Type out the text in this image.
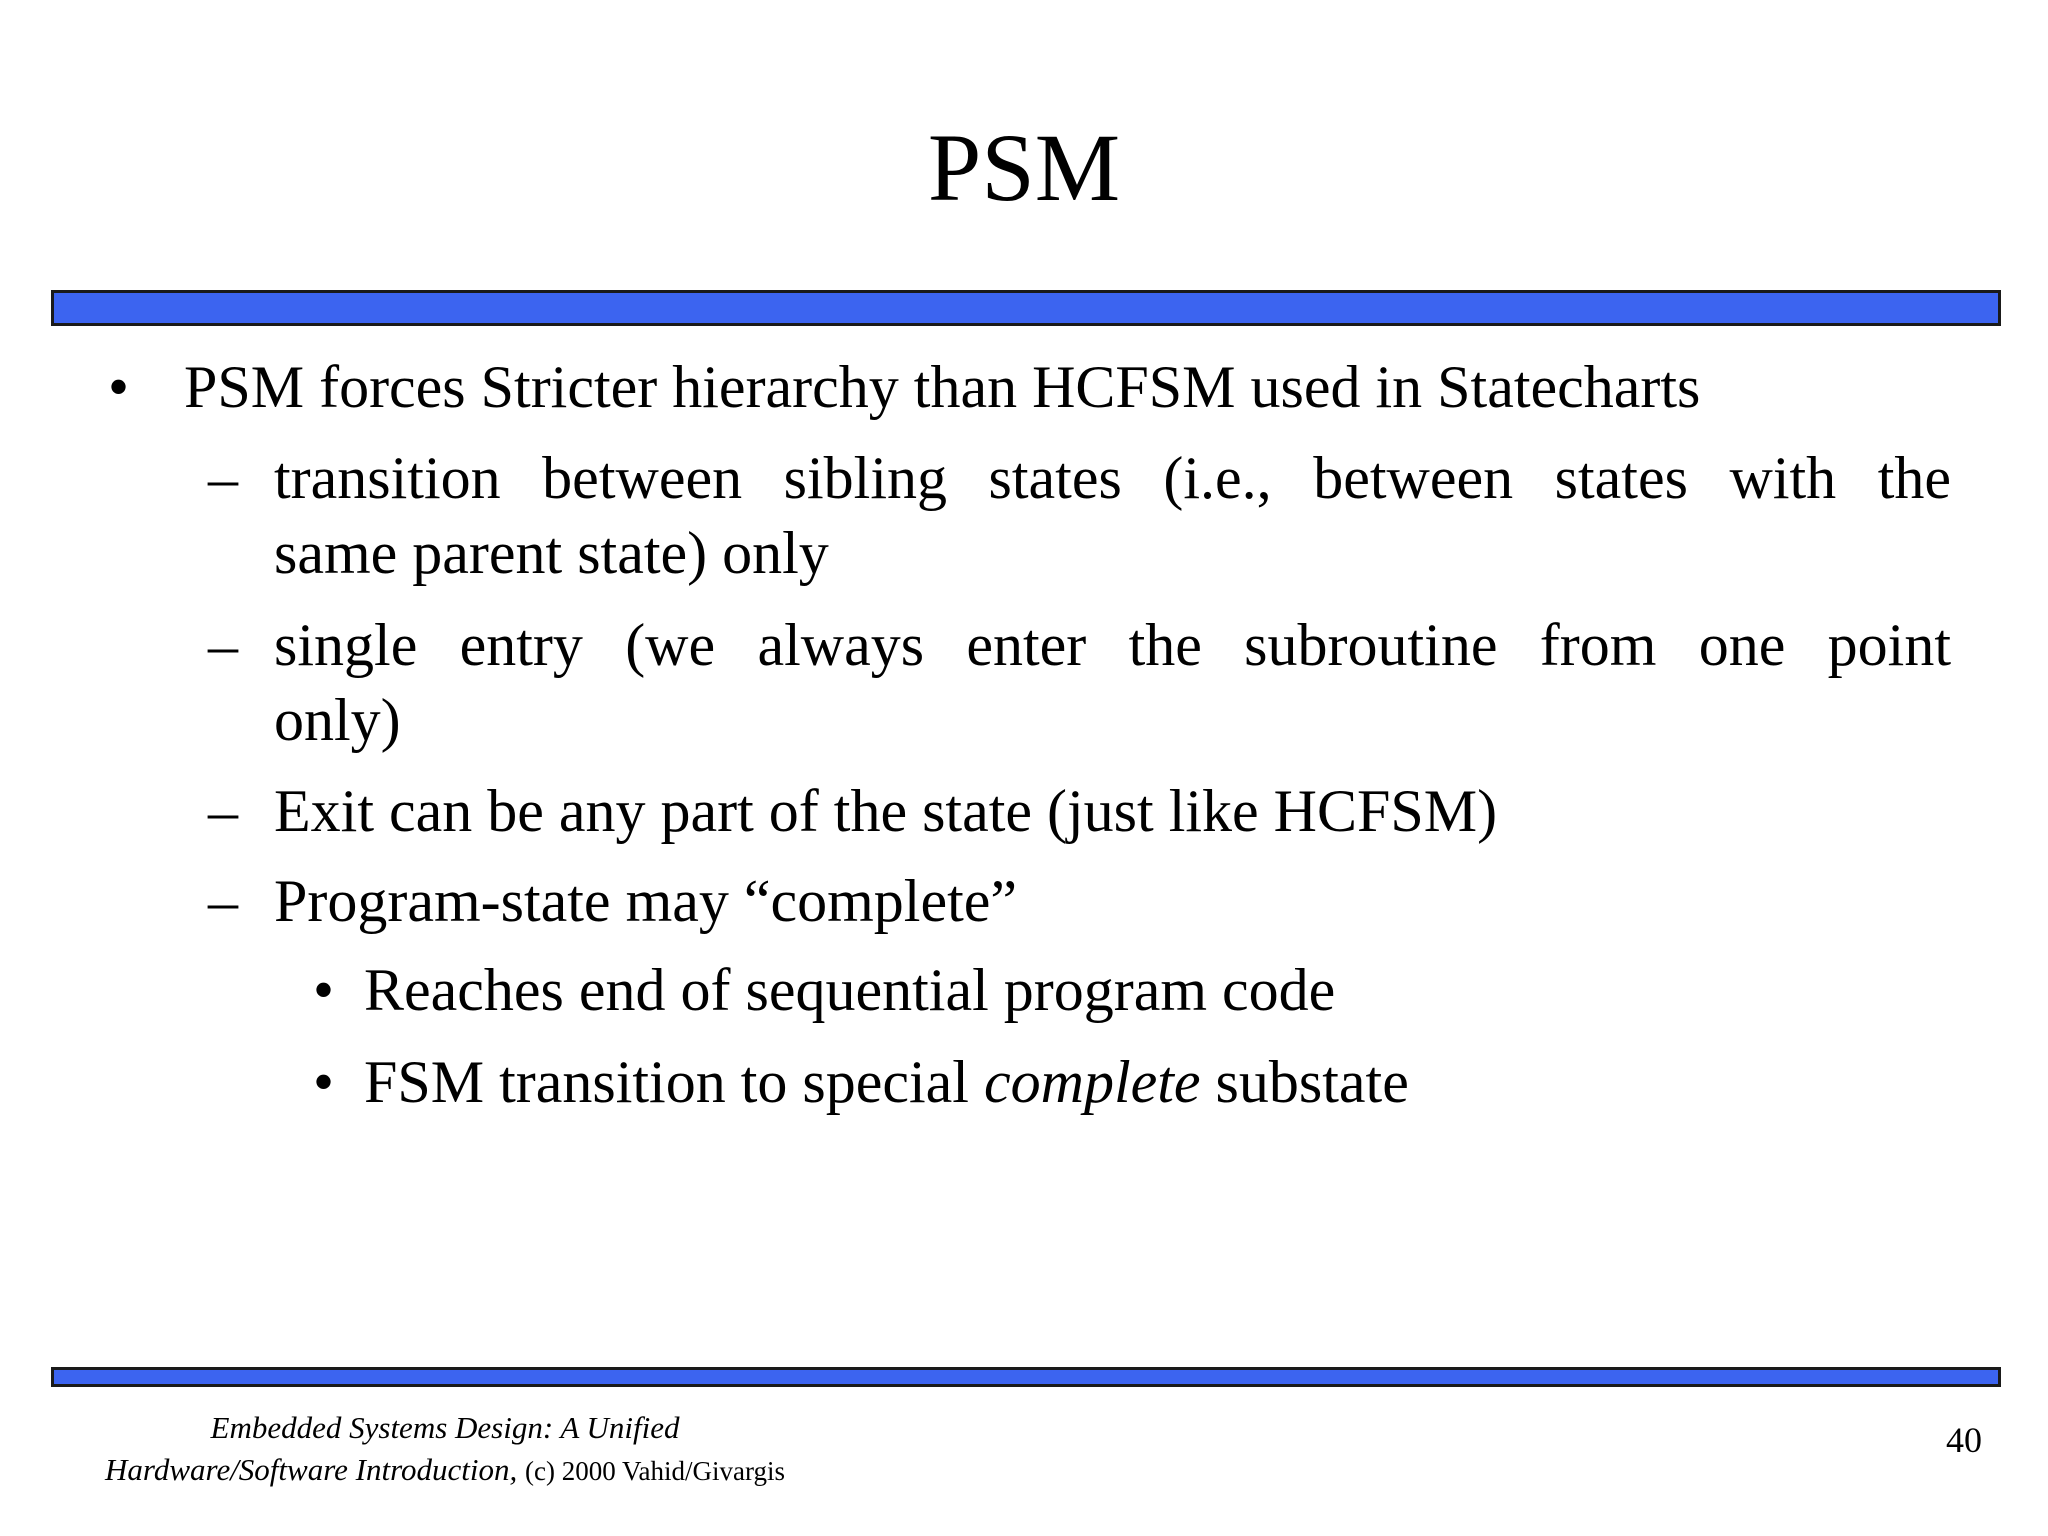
PSM
• PSM forces Stricter hierarchy than HCFSM used in Statecharts
– transition between sibling states (i.e., between states with the
same parent state) only
– single entry (we always enter the subroutine from one point
only)
– Exit can be any part of the state (just like HCFSM)
– Program-state may “complete”
• Reaches end of sequential program code
• FSM transition to special complete substate
Embedded Systems Design: A Unified
Hardware/Software Introduction, (c) 2000 Vahid/Givargis
40
